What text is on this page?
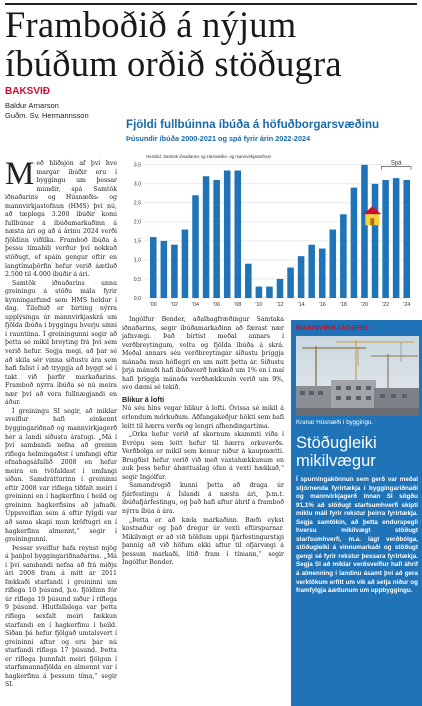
Framboðið á nýjum
íbúðum orðið stöðugra
BAKSVIÐ
Baldur Arnarson
Guðm. Sv. Hermannsson
M eð hliðsjón af því hve margar íbúðir eru í byggingu um þessar mundir, spá Samtök iðnaðarins og Húsnæðis- og mannvirkjastofnun (HMS) því nú, að tæplega 3.200 íbúðir komi fullbúnar á íbúðamarkaðinn á næsta ári og að á árinu 2024 verði fjöldinn viðlíka. Framboð íbúða á þessu tímabili verður því nokkuð stöðugt, ef spáin gengur eftir en langtímaþörfin hefur verið áætluð 2.500 til 4.000 íbúðir á ári.

Samtök iðnaðarins unnu greiningu á stöðu mála fyrir kynningarfund sem HMS heldur í dag. Tilefnið er birting nýrra upplýsinga úr mannvirkjaskrá um fjölda íbúða í byggingu hverju sinni í rauntíma. Í greiningunni segir að þetta sé mikil breyting frá því sem verið hefur. Segja megi, að þar sé að skila sér vinna síðustu ára sem hafi falist í að tryggja að byggt sé í takt við þarfir markaðarins. Framboð nýrra íbúða sé nú meira nær því að vera fullnægjandi en áður.

Í greiningu SI segir, að miklar sveiflur hafi einkennt byggingariðnað og mannvirkjagerð hér á landi síðustu áratugi. „Má í því sambandi nefna að greinin riflega helmingaðist í umfangi eftir efnahagsáfallið 2008 en hefur meira en tvöfaldast í umfangi síðan. Samdrátturinn í greininni eftir 2008 var riflega tíðfalt meiri í greininni en í hagkerfinu í heild og greininn hagkerfisins að jafnaði. Uppsveiflan sem á eftir fylgdi var að sama skapi mun kröftugri en í hagkerfinu almennt,“ segir í greiningunni.

Þessar sveiflur hafa reynst mjög á þanþol byggingariðnaðarins. „Má í því sambandi nefna að frá miðju ári 2008 fram á mitt ár 2011 fækkaði starfandi í greininni um ríflega 10 þúsund, þ.e. fjöldinn fór úr ríflega 19 þúsund niður í ríflega 9 þúsund. Hlutfallslega var þetta ríflega sexfalt meiri fækkun starfandi en í hagkerfinu í heild. Síðan þá hefur fjölgað umtalsvert í greininni aftur og eru þar nú starfandi ríflega 17 þúsund. Þetta er ríflega þunnfalt meiri fjölgun í starfsmannafjölda en almennt var í hagkerfinu á þessum tíma,“ segir SI.

Fjöldi fullbúinna íbúða á höfuðborgarsvæðinu
Þúsundir íbúða 2000-2021 og spá fyrir árin 2022-2024
Heimild: Samtök iðnaðarins og Húsnæðis- og mannvirkjastofnun
0,0
0,5
1,0
1,5
2,0
2,5
3,0
3,5	Spá
'00	'02	'04	'06	'08	'10	'12	'14	'16	'18	'20	'22	'24

Ingólfur Bender, aðalhagfræðingur Samtaka iðnaðarins, segir íbúðamarkaðinn að færast nær jafnvægi. Það birtist meðal annars í verðbreytingum, veltu og fjölda íbúða á skrá. Meðal annars séu verðbreytingar síðustu þriggja mánaða mun hóflegri en um mitt þetta ár. Síðustu þrjá mánuði hafi íbúðaverð hækkað um 1% en í maí hafi þriggja mánaða verðhækkunin verið um 9%, svo dæmi sé tekið.

Blikur á lofti

Nú séu hins vegar blikur á lofti. Óvissa sé mikil á erlendum mörkuðum. Aðfangakeðjur hökti sem hafi leitt til hærra verðs og lengri afhendingartíma.

„Orka hefur verið af skornum skammti víða í Evrópu sem leitt hefur til hærra orkuverðs. Verðbólga er mikil sem kemur niður á kaupmætti. Brugðist hefur verið við með vaxtahækkunum en auk þess hefur áhættuálag ofan á vexti hækkað,“ segir Ingólfur.

Samandregið kunni þetta að draga úr fjárfestingu á Íslandi á næsta ári, þ.m.t. íbúðafjárfestingu, og það hafi aftur áhrif á framboð nýrra íbúa á ára.

„Þetta er að kæla markaðinn. Bæði eykst kostnaður og það dregur úr vexti eftirspurnar. Mikilvægt er að við höldum uppi fjárfestingarstigi þannig að við höfum ekki aftur til ofjárvægi á þessum markaði, lítið fram í tímann,“ segir Ingólfur Bender.

MANNVIRKJAGERÐ
Kranar Húsnæði í byggingu.
Stöðugleiki
mikilvægur
Í spurningakönnun sem gerð var meðal stjórnenda fyrirtækja í byggingariðnaði og mannvirkjagerð innan SI sögðu 91,1% að stöðugt starfsumhverfi skipti miklu máli fyrir rekstur þeirra fyrirtækja. Segja samtökin, að þetta endurspegli hversu mikilvægt stöðugt starfsumhverfi, m.a. lágt verðbólga, stöðugleiki á vinnumarkaði og stöðugt gengi sé fyrir rekstur þessara fyrirtækja. Segja SI að miklar verðsveiflur hafi áhrif á almenning í landinu ásamt því að gera verktökum erfitt um vik að setja niður og framfylgja áætlunum um uppbyggingu.
